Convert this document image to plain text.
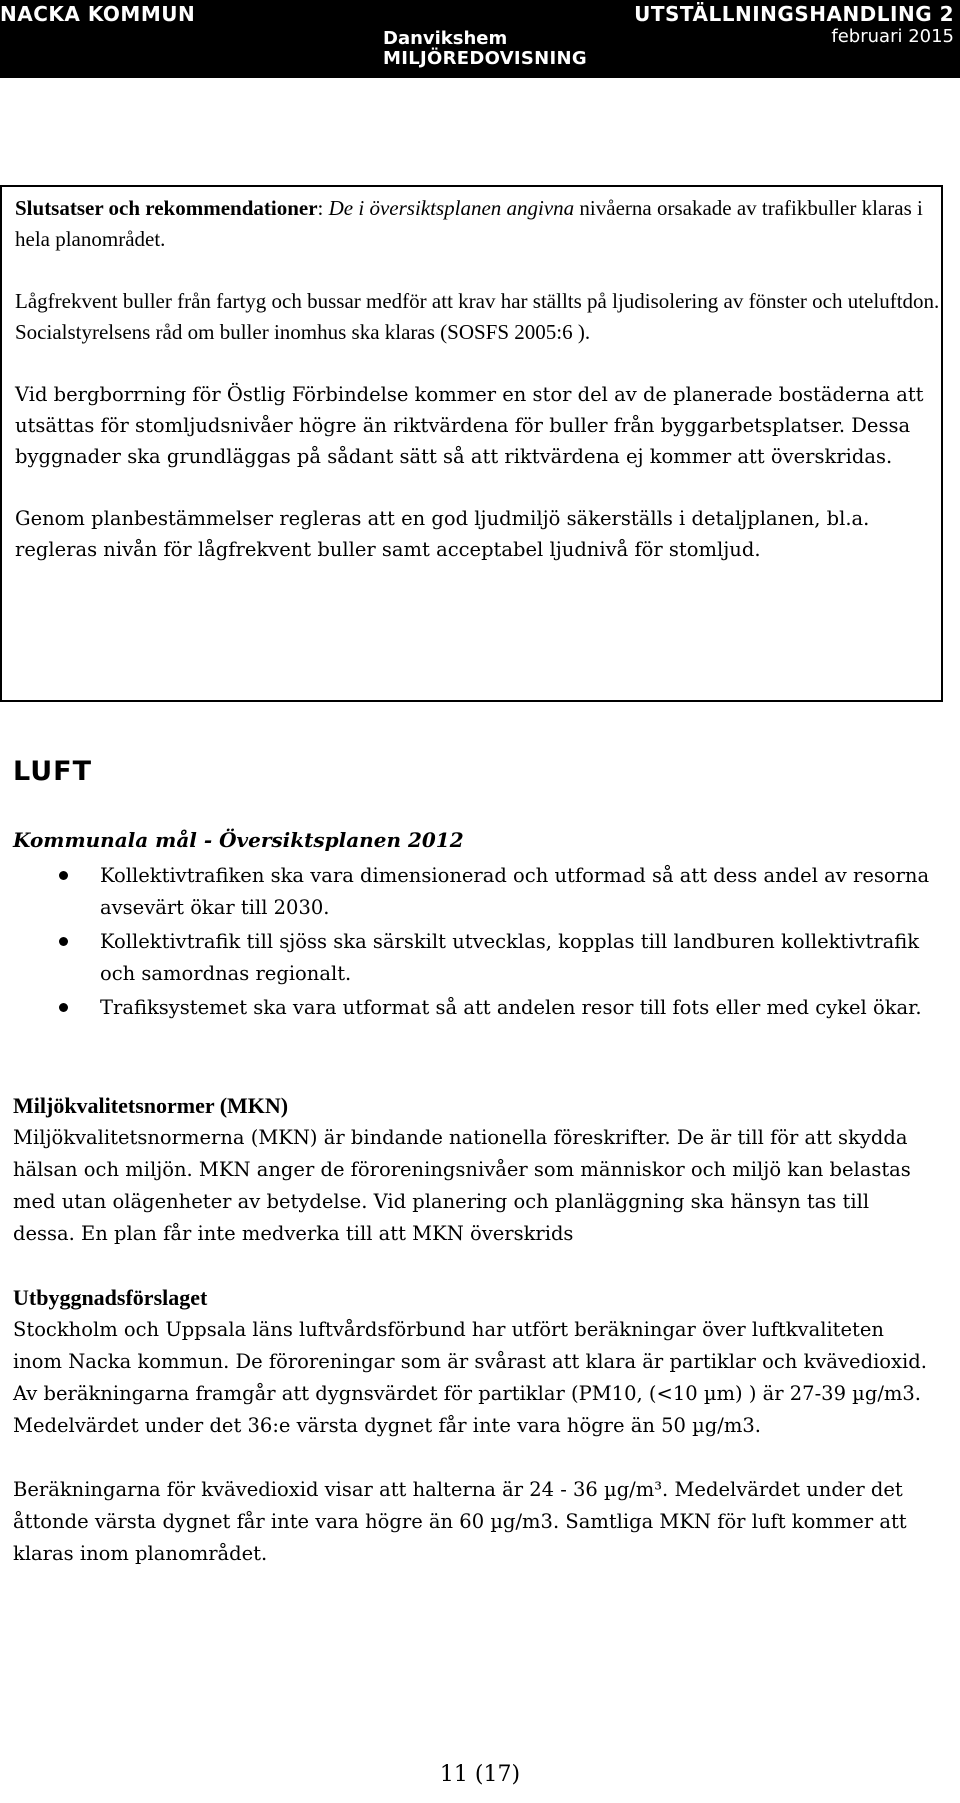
NACKA KOMMUN
Danvikshem
MILJÖREDOVISNING
UTSTÄLLNINGSHANDLING 2
februari 2015

Slutsatser och rekommendationer: De i översiktsplanen angivna nivåerna orsakade av trafikbuller klaras i hela planområdet.

Lågfrekvent buller från fartyg och bussar medför att krav har ställts på ljudisolering av fönster och uteluftdon. Socialstyrelsens råd om buller inomhus ska klaras (SOSFS 2005:6 ).

Vid bergborrning för Östlig Förbindelse kommer en stor del av de planerade bostäderna att utsättas för stomljudsnivåer högre än riktvärdena för buller från byggarbetsplatser. Dessa byggnader ska grundläggas på sådant sätt så att riktvärdena ej kommer att överskridas.

Genom planbestämmelser regleras att en god ljudmiljö säkerställs i detaljplanen, bl.a. regleras nivån för lågfrekvent buller samt acceptabel ljudnivå för stomljud.

LUFT
Kommunala mål - Översiktsplanen 2012
Kollektivtrafiken ska vara dimensionerad och utformad så att dess andel av resorna avsevärt ökar till 2030.
Kollektivtrafik till sjöss ska särskilt utvecklas, kopplas till landburen kollektivtrafik och samordnas regionalt.
Trafiksystemet ska vara utformat så att andelen resor till fots eller med cykel ökar.
Miljökvalitetsnormer (MKN)

Miljökvalitetsnormerna (MKN) är bindande nationella föreskrifter. De är till för att skydda hälsan och miljön. MKN anger de föroreningsnivåer som människor och miljö kan belastas med utan olägenheter av betydelse. Vid planering och planläggning ska hänsyn tas till dessa. En plan får inte medverka till att MKN överskrids

Utbyggnadsförslaget

Stockholm och Uppsala läns luftvårdsförbund har utfört beräkningar över luftkvaliteten inom Nacka kommun. De föroreningar som är svårast att klara är partiklar och kvävedioxid. Av beräkningarna framgår att dygnsvärdet för partiklar (PM10, (<10 µm) ) är 27-39 µg/m3. Medelvärdet under det 36:e värsta dygnet får inte vara högre än 50 µg/m3.

Beräkningarna för kvävedioxid visar att halterna är 24 - 36 µg/m³. Medelvärdet under det åttonde värsta dygnet får inte vara högre än 60 µg/m3. Samtliga MKN för luft kommer att klaras inom planområdet.

11 (17)
